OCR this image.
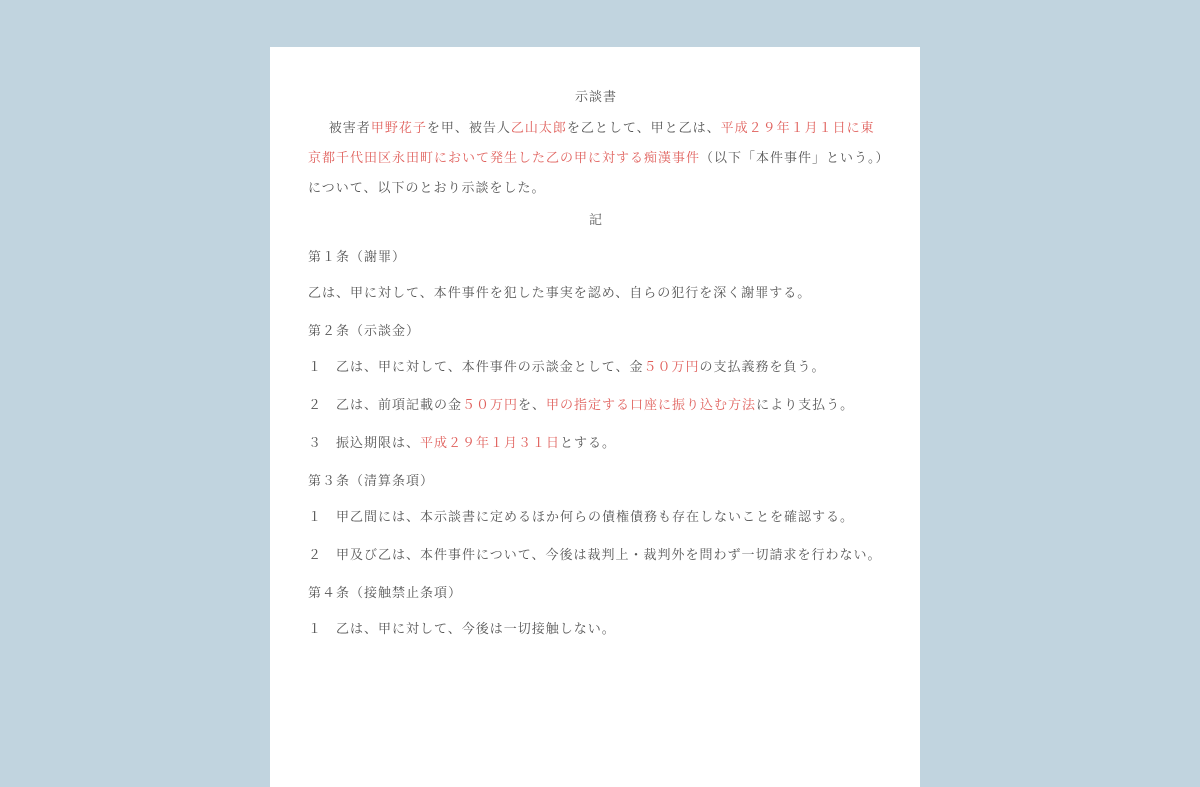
示談書

被害者甲野花子を甲、被告人乙山太郎を乙として、甲と乙は、平成２９年１月１日に東京都千代田区永田町において発生した乙の甲に対する痴漢事件（以下「本件事件」という。）について、以下のとおり示談をした。

記

第１条（謝罪）

乙は、甲に対して、本件事件を犯した事実を認め、自らの犯行を深く謝罪する。

第２条（示談金）

１　乙は、甲に対して、本件事件の示談金として、金５０万円の支払義務を負う。

２　乙は、前項記載の金５０万円を、甲の指定する口座に振り込む方法により支払う。

３　振込期限は、平成２９年１月３１日とする。

第３条（清算条項）

１　甲乙間には、本示談書に定めるほか何らの債権債務も存在しないことを確認する。

２　甲及び乙は、本件事件について、今後は裁判上・裁判外を問わず一切請求を行わない。

第４条（接触禁止条項）

１　乙は、甲に対して、今後は一切接触しない。
